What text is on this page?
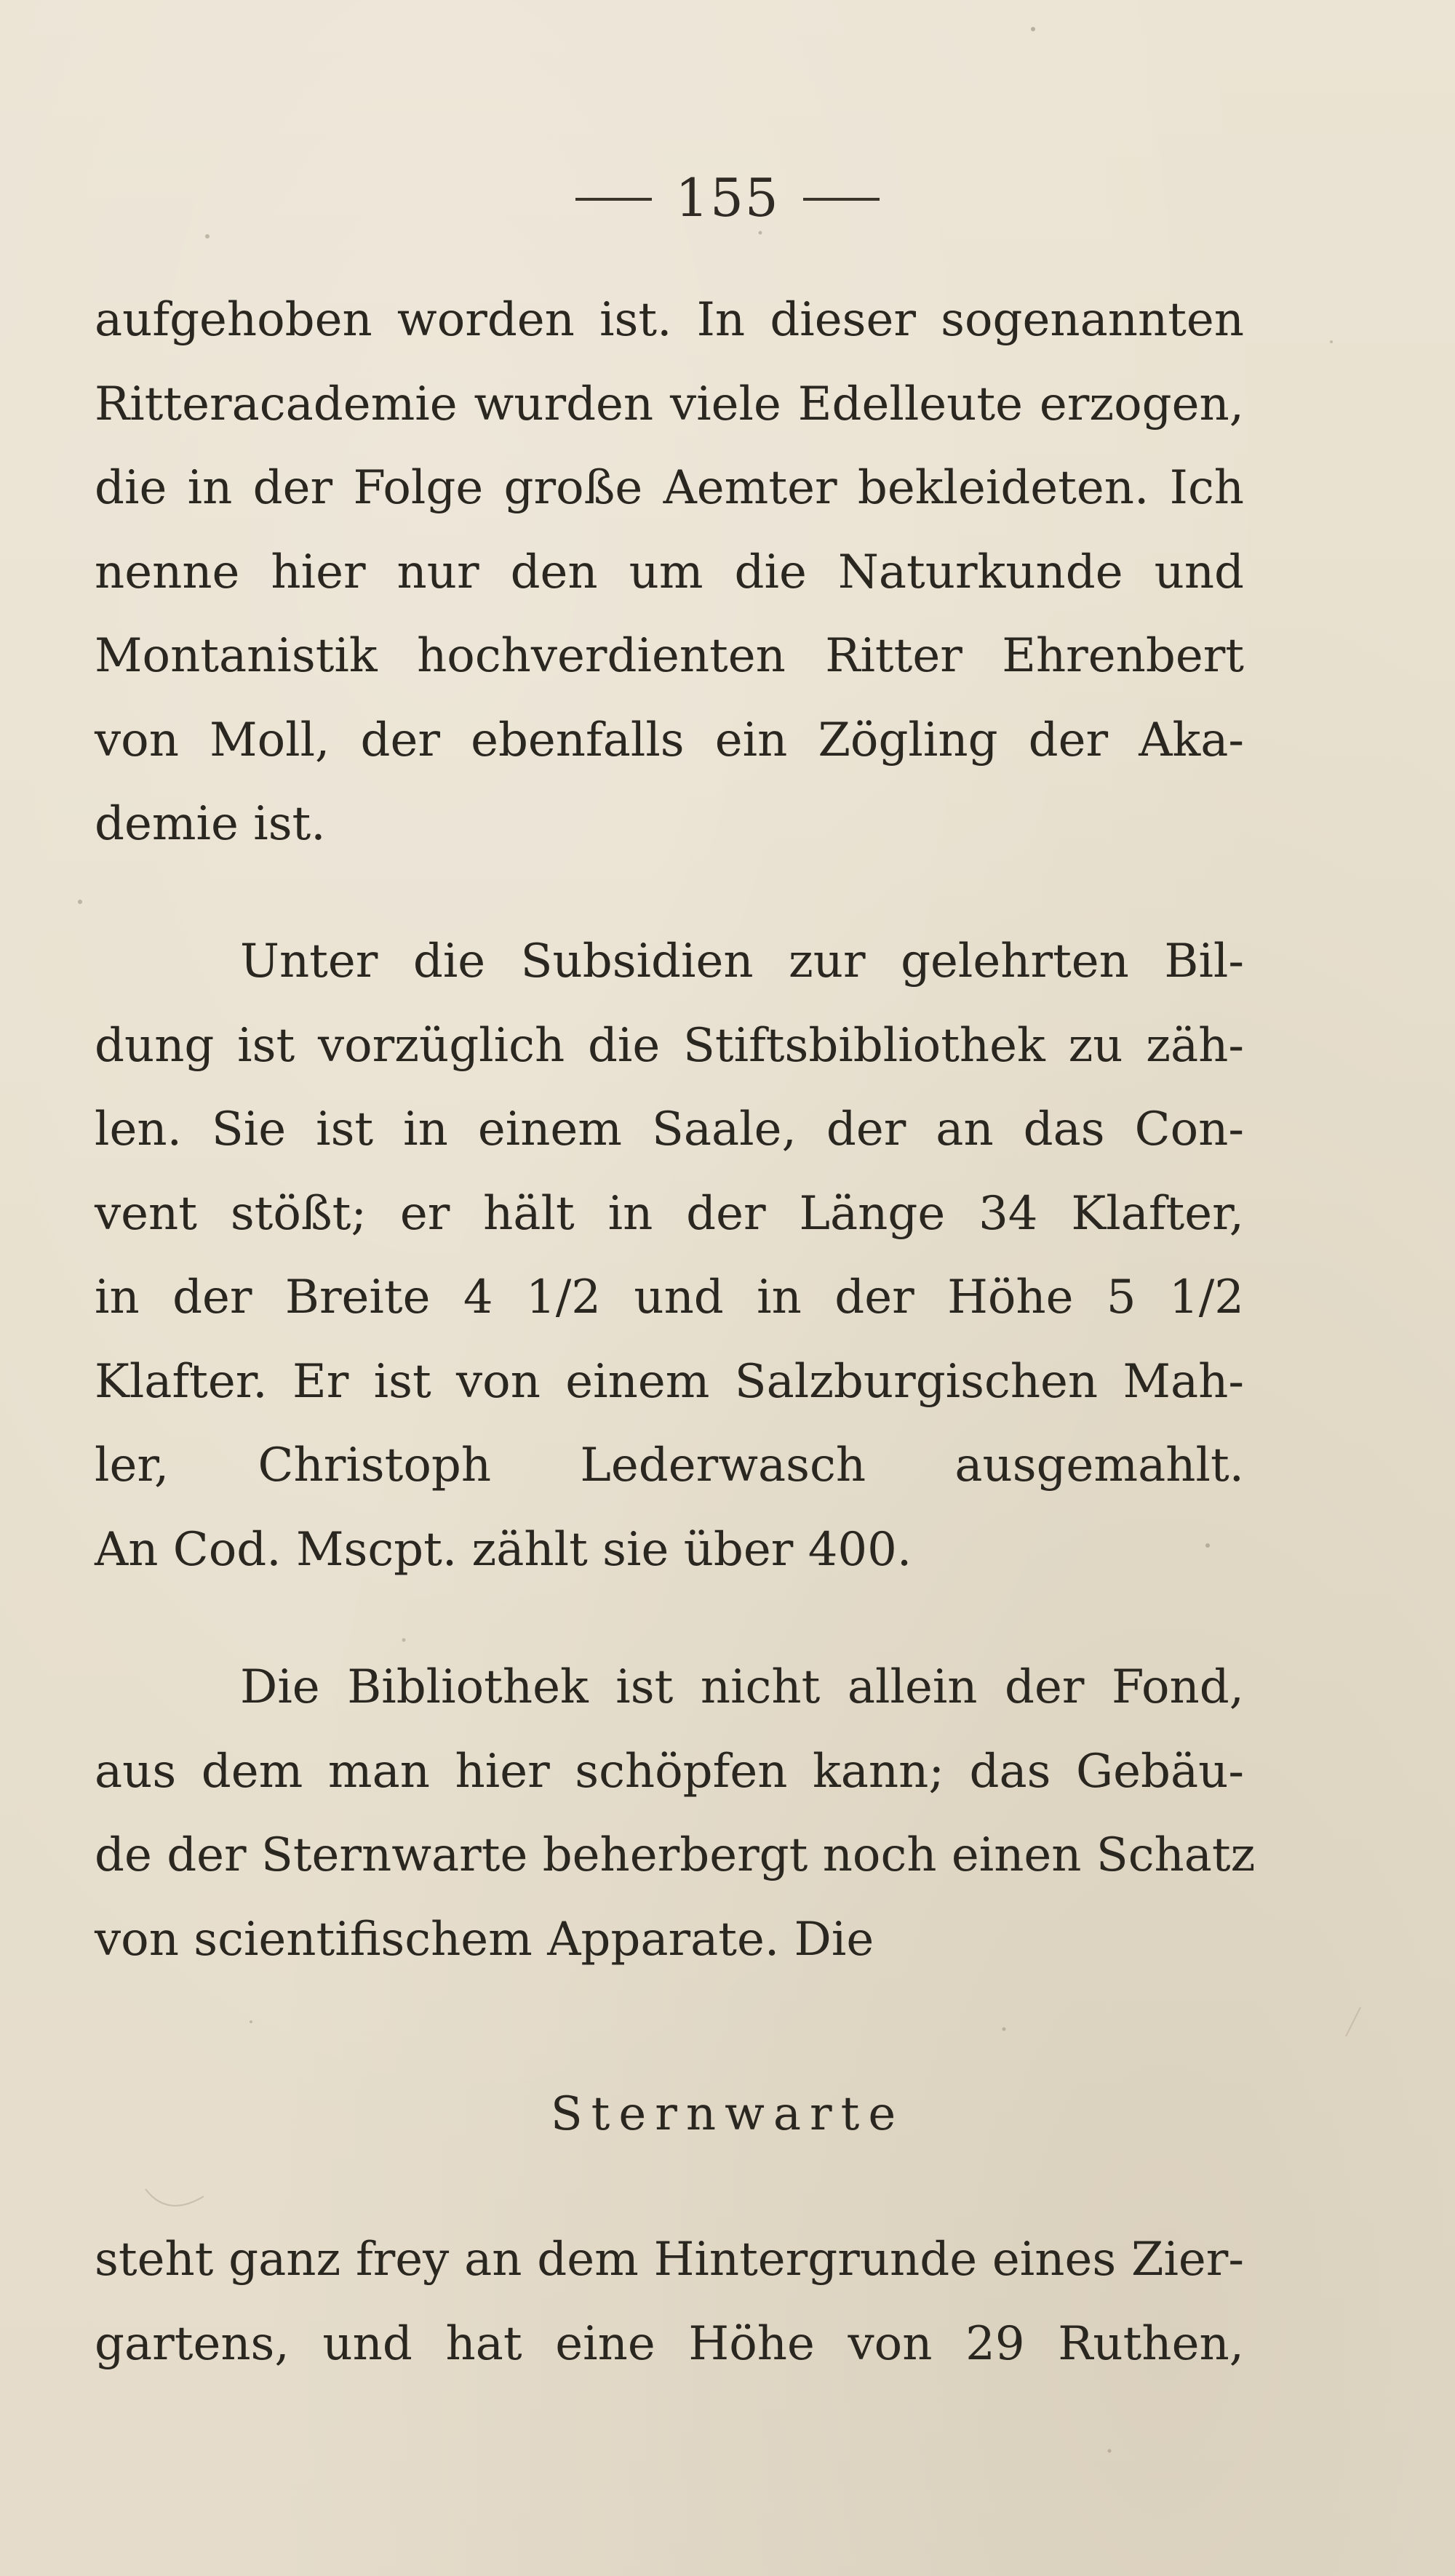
155
aufgehoben worden ist. In dieser sogenannten
Ritteracademie wurden viele Edelleute erzogen,
die in der Folge große Aemter bekleideten. Ich
nenne hier nur den um die Naturkunde und
Montanistik hochverdienten Ritter Ehrenbert
von Moll, der ebenfalls ein Zögling der Aka-
demie ist.
Unter die Subsidien zur gelehrten Bil-
dung ist vorzüglich die Stiftsbibliothek zu zäh-
len. Sie ist in einem Saale, der an das Con-
vent stößt; er hält in der Länge 34 Klafter,
in der Breite 4 1/2 und in der Höhe 5 1/2
Klafter. Er ist von einem Salzburgischen Mah-
ler, Christoph Lederwasch ausgemahlt.
An Cod. Mscpt. zählt sie über 400.
Die Bibliothek ist nicht allein der Fond,
aus dem man hier schöpfen kann; das Gebäu-
de der Sternwarte beherbergt noch einen Schatz
von scientifischem Apparate. Die
Sternwarte
steht ganz frey an dem Hintergrunde eines Zier-
gartens, und hat eine Höhe von 29 Ruthen,
